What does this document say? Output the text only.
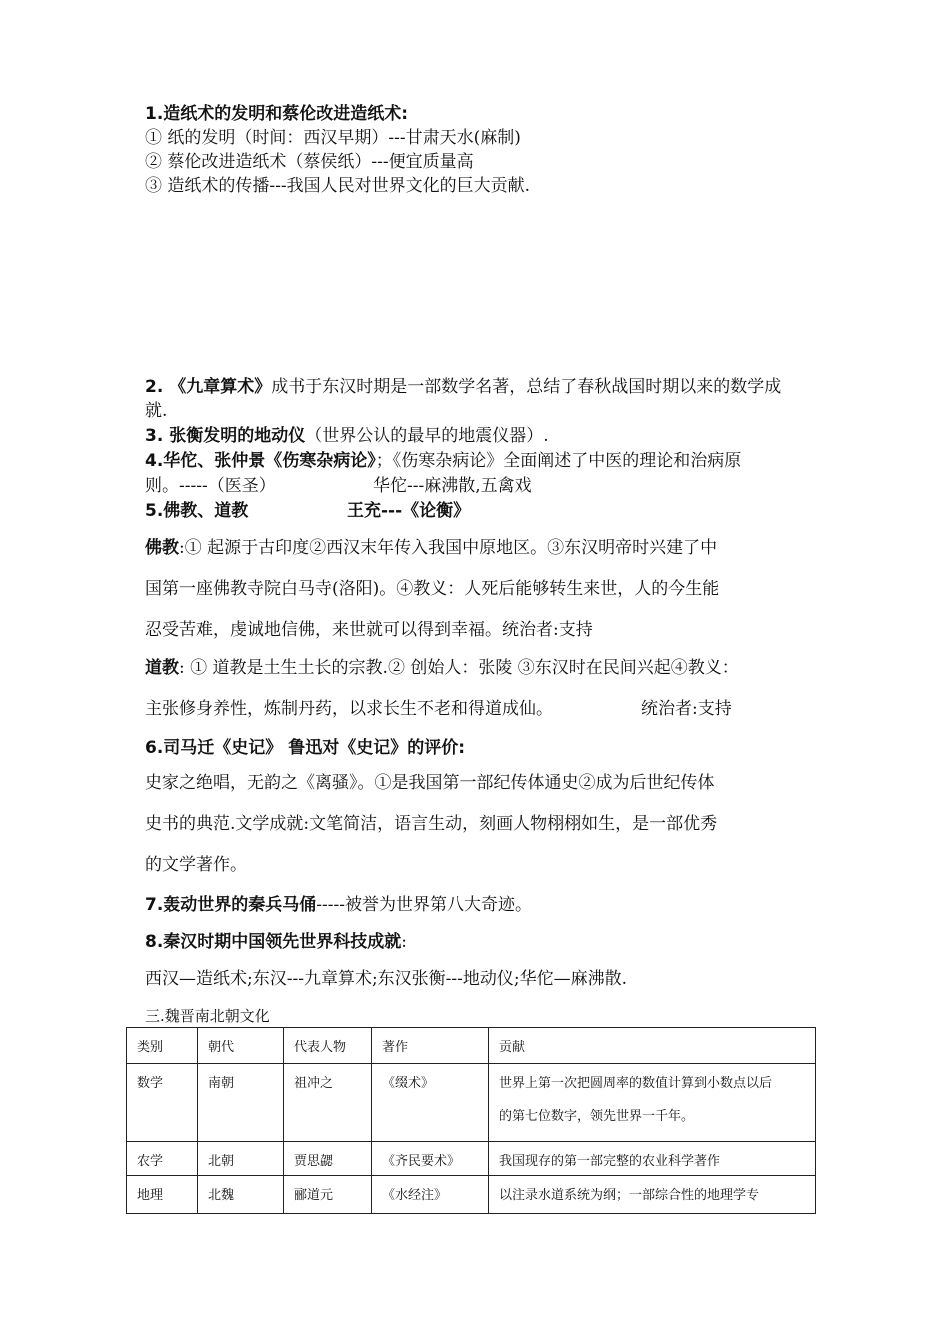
1.造纸术的发明和蔡伦改进造纸术:
① 纸的发明（时间：西汉早期）---甘肃天水(麻制)
② 蔡伦改进造纸术（蔡侯纸）---便宜质量高
③ 造纸术的传播---我国人民对世界文化的巨大贡献.
2. 《九章算术》成书于东汉时期是一部数学名著，总结了春秋战国时期以来的数学成
就.
3. 张衡发明的地动仪（世界公认的最早的地震仪器）.
4.华佗、张仲景《伤寒杂病论》；《伤寒杂病论》全面阐述了中医的理论和治病原
则。-----（医圣）	华佗---麻沸散,五禽戏
5.佛教、道教	王充---《论衡》
佛教:① 起源于古印度②西汉末年传入我国中原地区。③东汉明帝时兴建了中
国第一座佛教寺院白马寺(洛阳)。④教义：人死后能够转生来世，人的今生能
忍受苦难，虔诚地信佛，来世就可以得到幸福。统治者:支持
道教: ① 道教是土生土长的宗教.② 创始人：张陵 ③东汉时在民间兴起④教义：
主张修身养性，炼制丹药，以求长生不老和得道成仙。	统治者:支持
6.司马迁《史记》 鲁迅对《史记》的评价:
史家之绝唱，无韵之《离骚》。①是我国第一部纪传体通史②成为后世纪传体
史书的典范.文学成就:文笔简洁，语言生动，刻画人物栩栩如生，是一部优秀
的文学著作。
7.轰动世界的秦兵马俑-----被誉为世界第八大奇迹。
8.秦汉时期中国领先世界科技成就:
西汉—造纸术;东汉---九章算术;东汉张衡---地动仪;华佗—麻沸散.
三.魏晋南北朝文化
类别	朝代	代表人物	著作	贡献
数学	南朝	祖冲之	《缀术》	世界上第一次把圆周率的数值计算到小数点以后
的第七位数字，领先世界一千年。

农学	北朝	贾思勰	《齐民要术》	我国现存的第一部完整的农业科学著作
地理	北魏	郦道元	《水经注》	以注录水道系统为纲；一部综合性的地理学专
